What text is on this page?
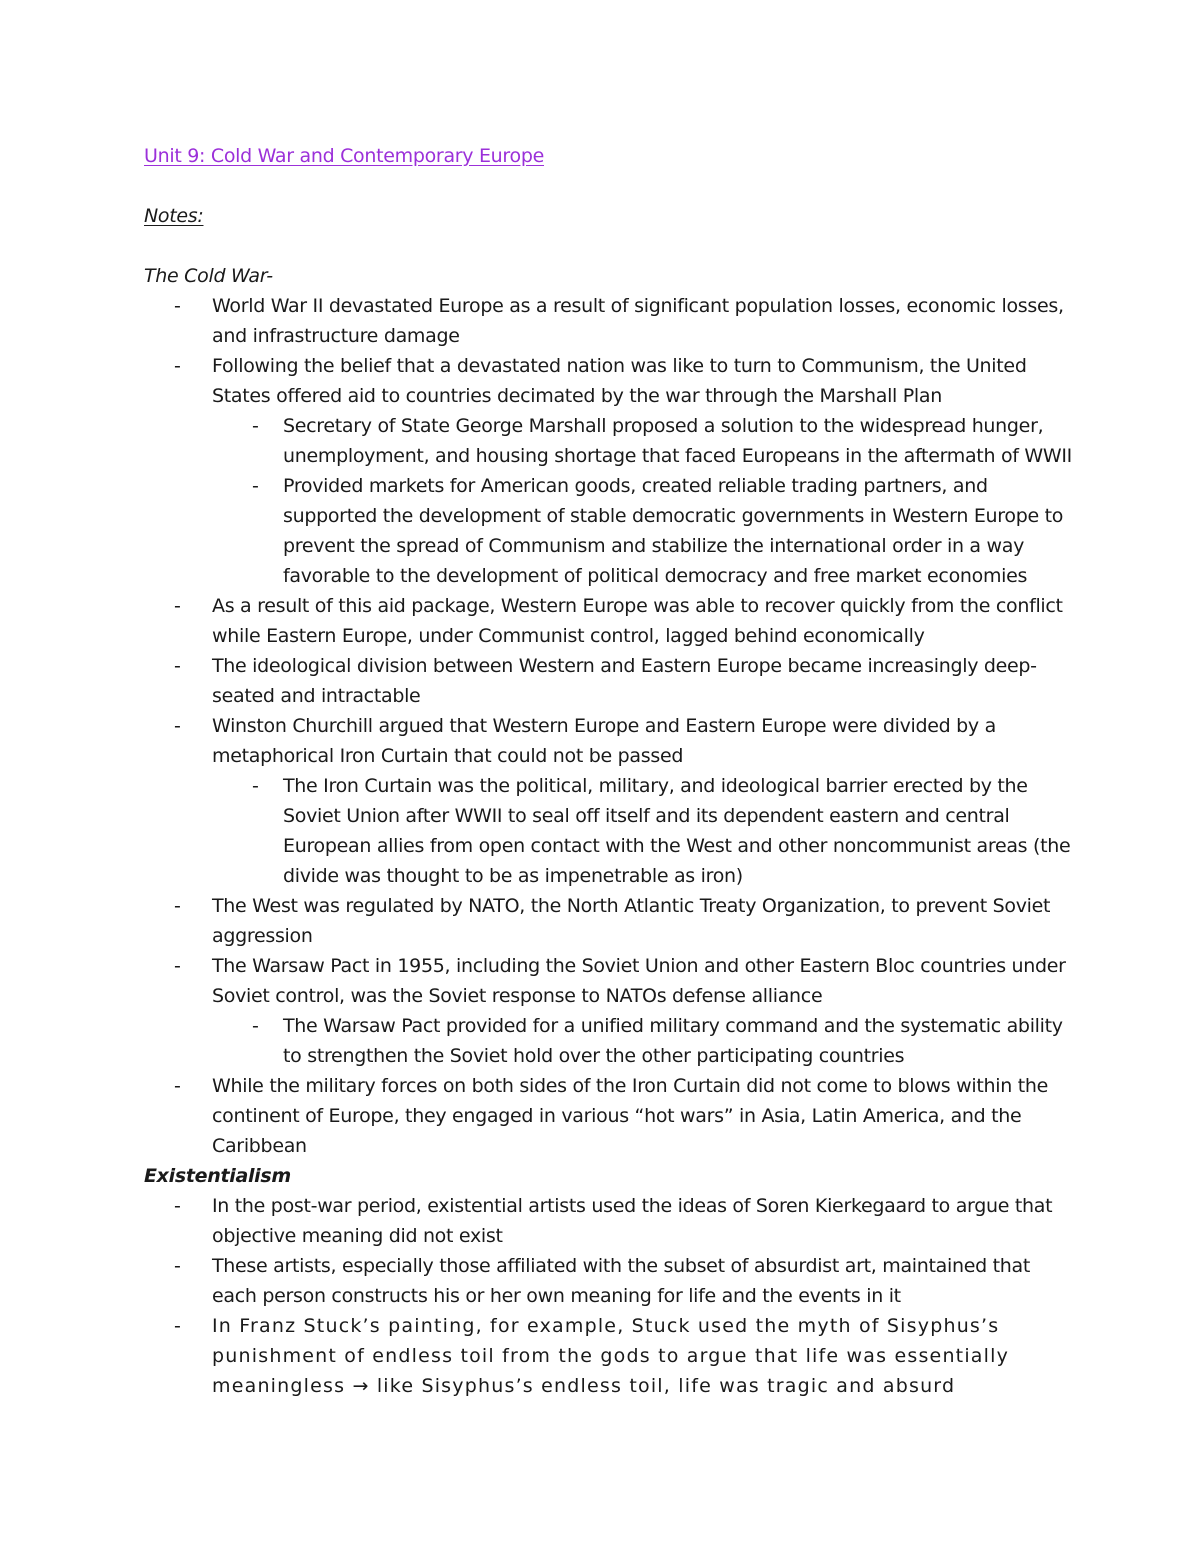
Unit 9: Cold War and Contemporary Europe

Notes:

The Cold War-

- World War II devastated Europe as a result of significant population losses, economic losses, and infrastructure damage
- Following the belief that a devastated nation was like to turn to Communism, the United States offered aid to countries decimated by the war through the Marshall Plan
- Secretary of State George Marshall proposed a solution to the widespread hunger, unemployment, and housing shortage that faced Europeans in the aftermath of WWII
- Provided markets for American goods, created reliable trading partners, and supported the development of stable democratic governments in Western Europe to prevent the spread of Communism and stabilize the international order in a way favorable to the development of political democracy and free market economies
- As a result of this aid package, Western Europe was able to recover quickly from the conflict while Eastern Europe, under Communist control, lagged behind economically
- The ideological division between Western and Eastern Europe became increasingly deep-seated and intractable
- Winston Churchill argued that Western Europe and Eastern Europe were divided by a metaphorical Iron Curtain that could not be passed
- The Iron Curtain was the political, military, and ideological barrier erected by the Soviet Union after WWII to seal off itself and its dependent eastern and central European allies from open contact with the West and other noncommunist areas (the divide was thought to be as impenetrable as iron)
- The West was regulated by NATO, the North Atlantic Treaty Organization, to prevent Soviet aggression
- The Warsaw Pact in 1955, including the Soviet Union and other Eastern Bloc countries under Soviet control, was the Soviet response to NATOs defense alliance
- The Warsaw Pact provided for a unified military command and the systematic ability to strengthen the Soviet hold over the other participating countries
- While the military forces on both sides of the Iron Curtain did not come to blows within the continent of Europe, they engaged in various “hot wars” in Asia, Latin America, and the Caribbean

Existentialism

- In the post-war period, existential artists used the ideas of Soren Kierkegaard to argue that objective meaning did not exist
- These artists, especially those affiliated with the subset of absurdist art, maintained that each person constructs his or her own meaning for life and the events in it
- In Franz Stuck’s painting, for example, Stuck used the myth of Sisyphus’s punishment of endless toil from the gods to argue that life was essentially meaningless → like Sisyphus’s endless toil, life was tragic and absurd
